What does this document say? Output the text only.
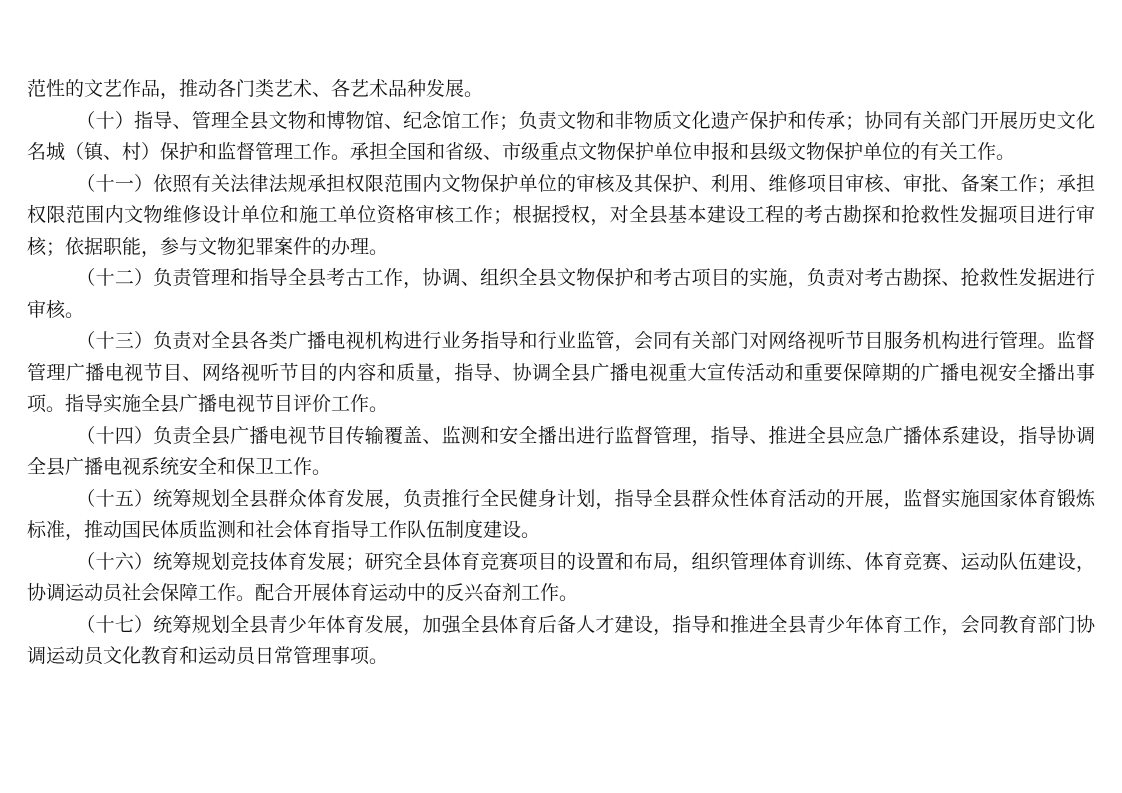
范性的文艺作品，推动各门类艺术、各艺术品种发展。

（十）指导、管理全县文物和博物馆、纪念馆工作；负责文物和非物质文化遗产保护和传承；协同有关部门开展历史文化名城（镇、村）保护和监督管理工作。承担全国和省级、市级重点文物保护单位申报和县级文物保护单位的有关工作。

（十一）依照有关法律法规承担权限范围内文物保护单位的审核及其保护、利用、维修项目审核、审批、备案工作；承担权限范围内文物维修设计单位和施工单位资格审核工作；根据授权，对全县基本建设工程的考古勘探和抢救性发掘项目进行审核；依据职能，参与文物犯罪案件的办理。

（十二）负责管理和指导全县考古工作，协调、组织全县文物保护和考古项目的实施，负责对考古勘探、抢救性发据进行审核。

（十三）负责对全县各类广播电视机构进行业务指导和行业监管，会同有关部门对网络视听节目服务机构进行管理。监督管理广播电视节目、网络视听节目的内容和质量，指导、协调全县广播电视重大宣传活动和重要保障期的广播电视安全播出事项。指导实施全县广播电视节目评价工作。

（十四）负责全县广播电视节目传输覆盖、监测和安全播出进行监督管理，指导、推进全县应急广播体系建设，指导协调全县广播电视系统安全和保卫工作。

（十五）统筹规划全县群众体育发展，负责推行全民健身计划，指导全县群众性体育活动的开展，监督实施国家体育锻炼标准，推动国民体质监测和社会体育指导工作队伍制度建设。

（十六）统筹规划竞技体育发展；研究全县体育竞赛项目的设置和布局，组织管理体育训练、体育竞赛、运动队伍建设，协调运动员社会保障工作。配合开展体育运动中的反兴奋剂工作。

（十七）统筹规划全县青少年体育发展，加强全县体育后备人才建设，指导和推进全县青少年体育工作，会同教育部门协调运动员文化教育和运动员日常管理事项。
